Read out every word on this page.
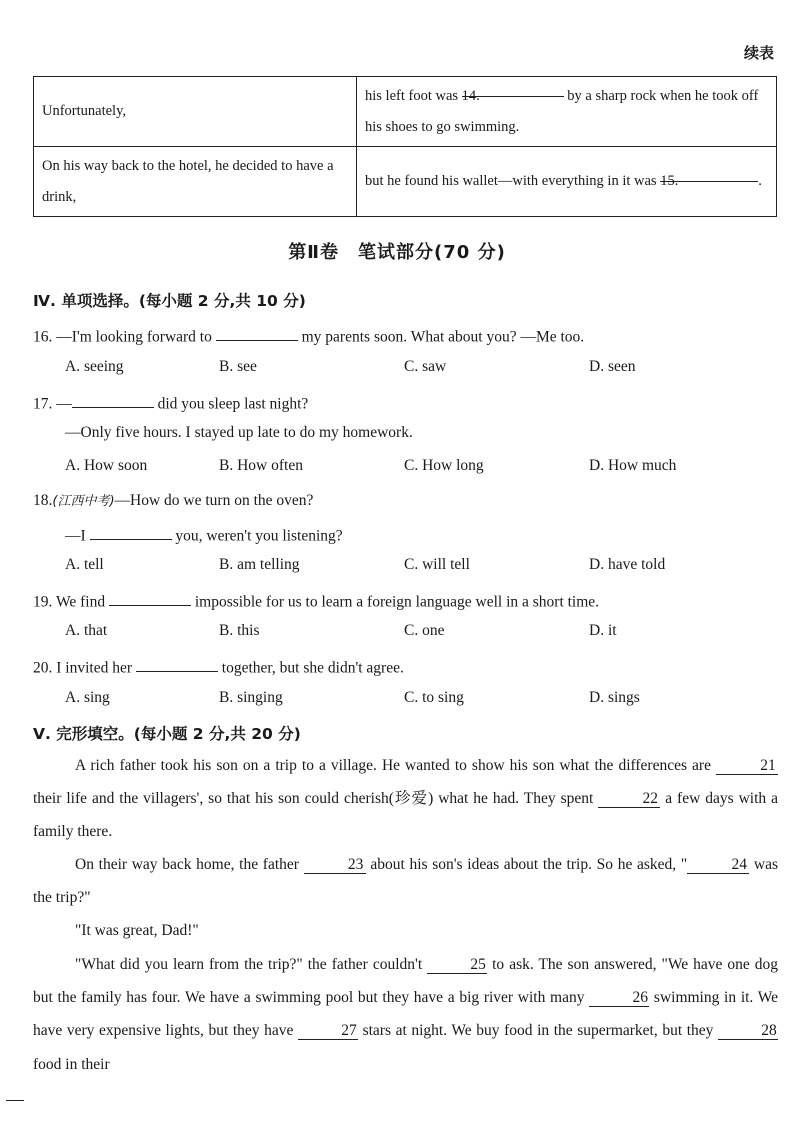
续表
Unfortunately,	his left foot was 14. by a sharp rock when he took off his shoes to go swimming.
On his way back to the hotel, he decided to have a drink,	but he found his wallet—with everything in it was 15. .
第Ⅱ卷　笔试部分(70 分)
Ⅳ. 单项选择。(每小题 2 分,共 10 分)
16. —I'm looking forward to	my parents soon. What about you? —Me too.
A. seeing	B. see	C. saw	D. seen
17. —	did you sleep last night?
—Only five hours. I stayed up late to do my homework.
A. How soon	B. How often	C. How long	D. How much
18.(江西中考)—How do we turn on the oven?
—I	you, weren't you listening?
A. tell	B. am telling	C. will tell	D. have told
19. We find	impossible for us to learn a foreign language well in a short time.
A. that	B. this	C. one	D. it
20. I invited her	together, but she didn't agree.
A. sing	B. singing	C. to sing	D. sings
Ⅴ. 完形填空。(每小题 2 分,共 20 分)
A rich father took his son on a trip to a village. He wanted to show his son what the differences are	21 their life and the villagers', so that his son could cherish(珍爱) what he had. They spent	22 a few days with a family there.
On their way back home, the father	23 about his son's ideas about the trip. So he asked, "	24 was the trip?"
"It was great, Dad!"
"What did you learn from the trip?" the father couldn't	25 to ask. The son answered, "We have one dog but the family has four. We have a swimming pool but they have a big river with many	26 swimming in it. We have very expensive lights, but they have	27 stars at night. We buy food in the supermarket, but they	28 food in their
